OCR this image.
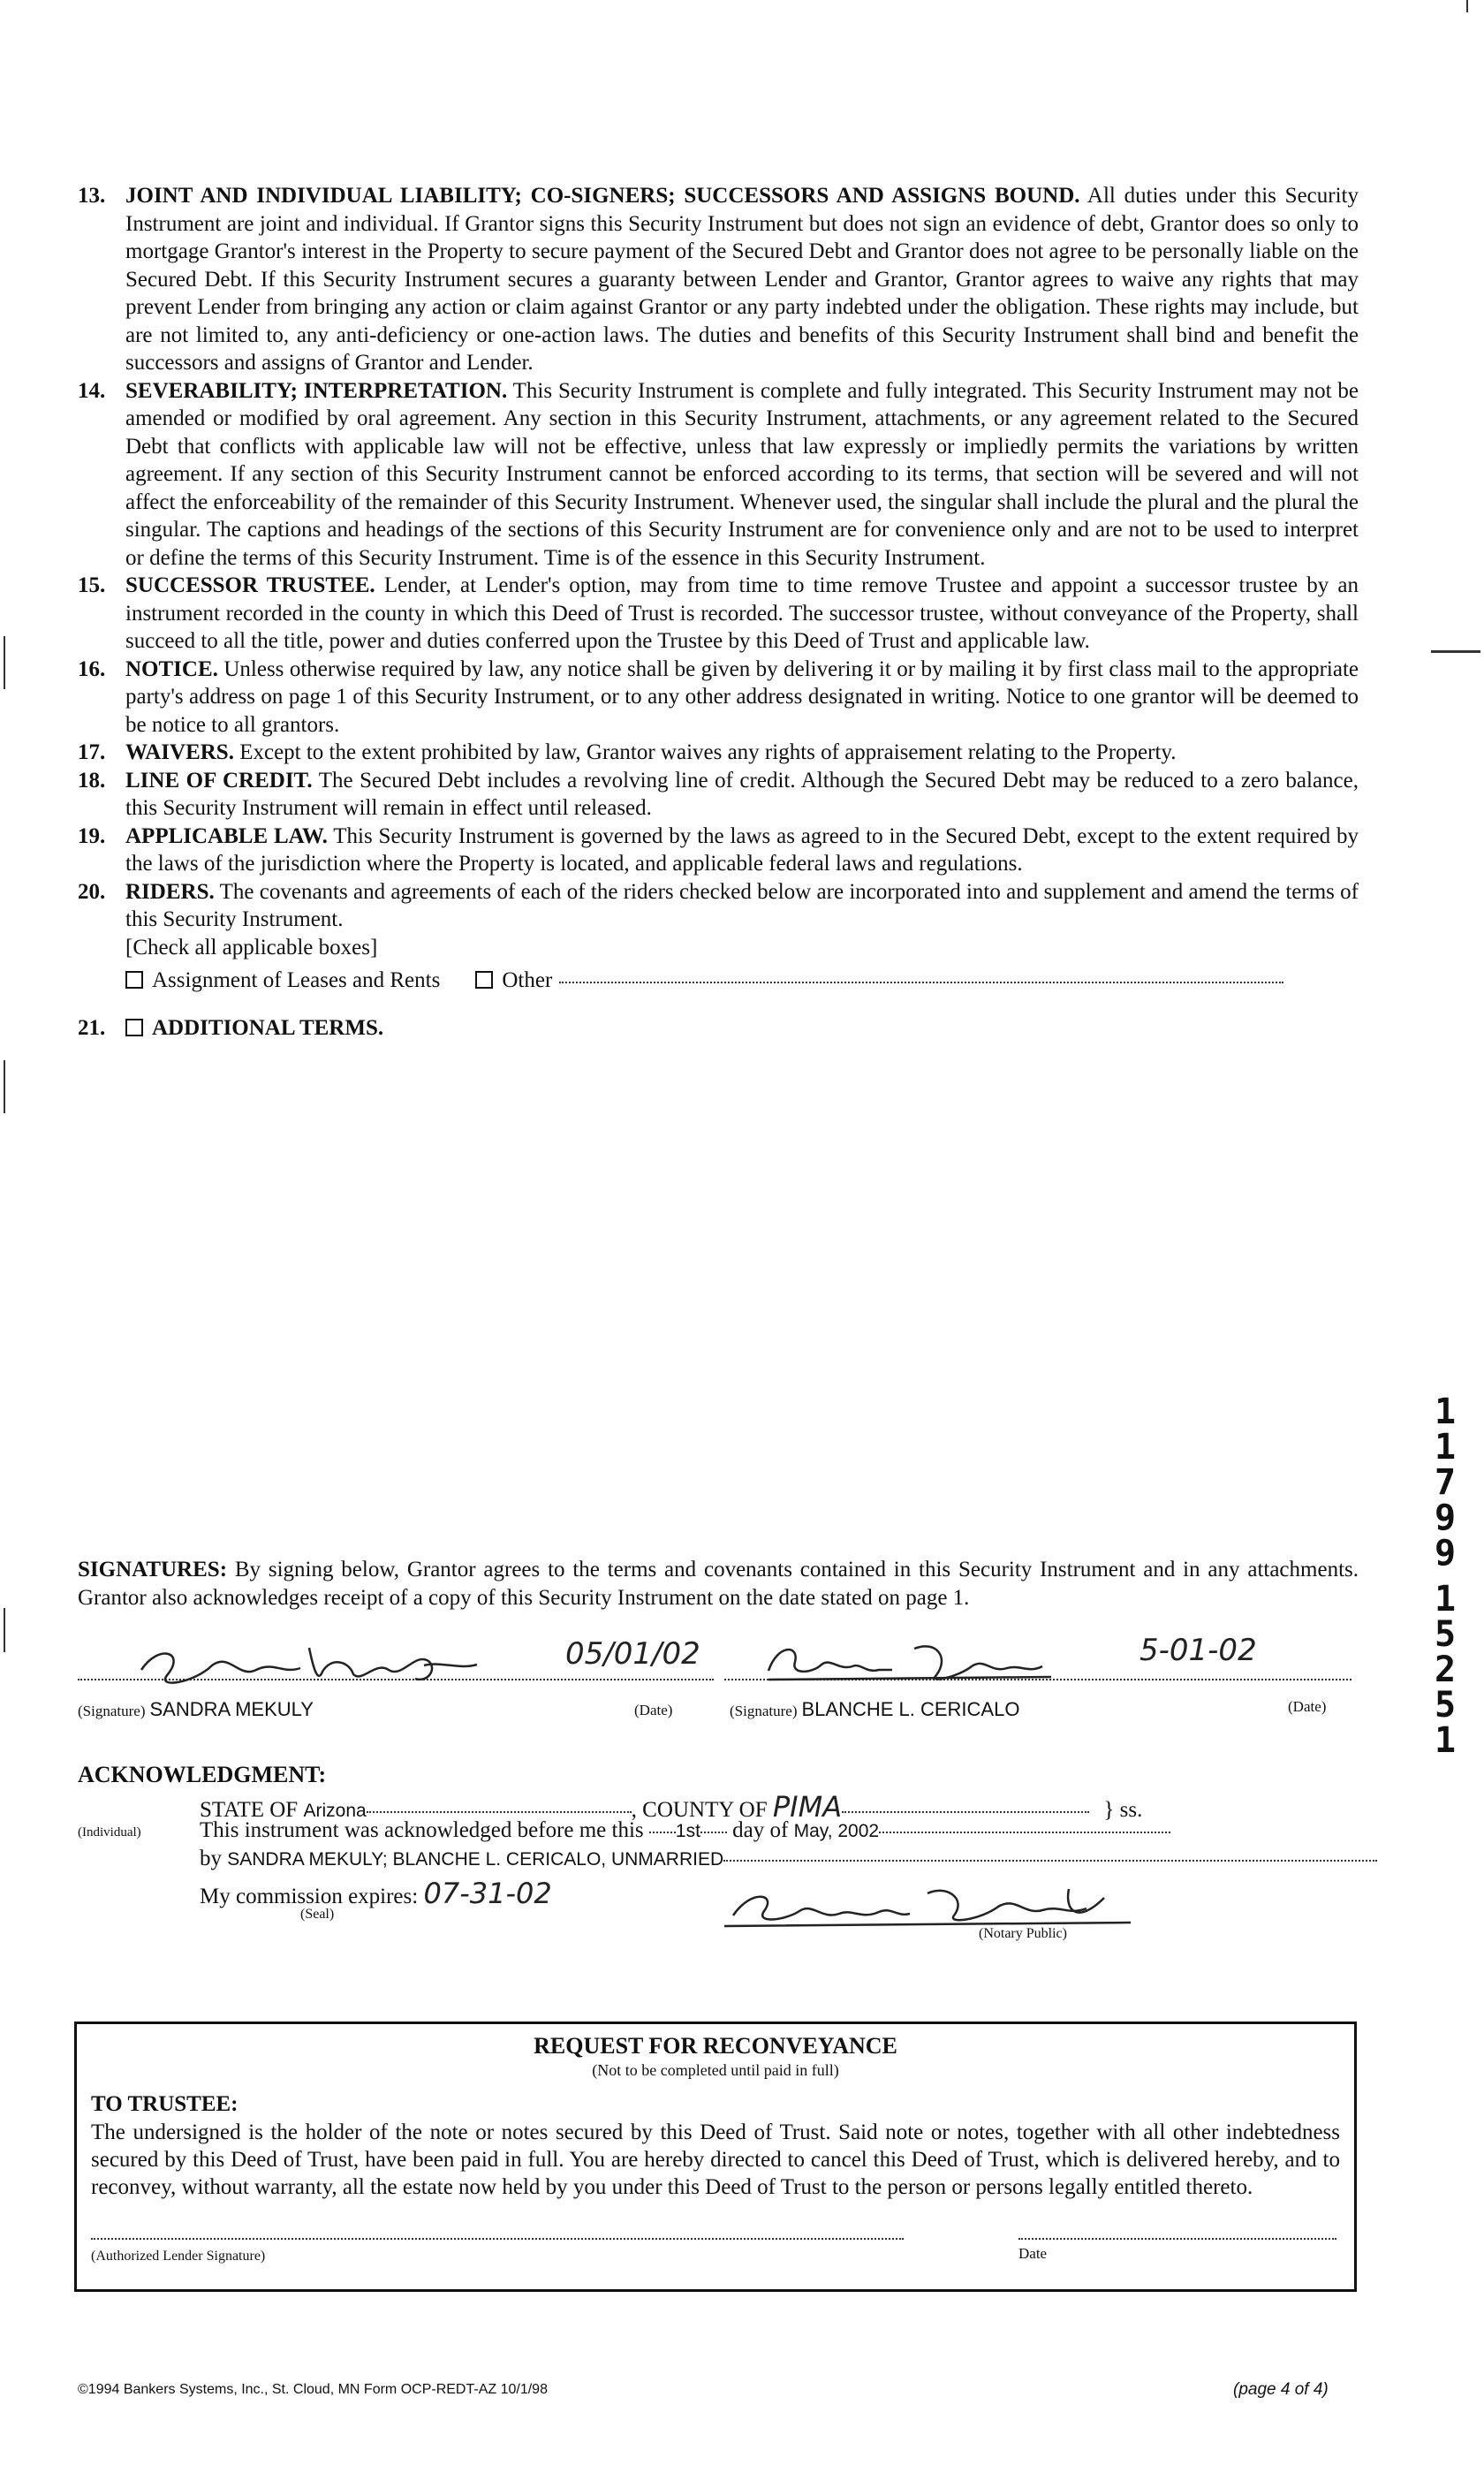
13. JOINT AND INDIVIDUAL LIABILITY; CO-SIGNERS; SUCCESSORS AND ASSIGNS BOUND. All duties under this Security Instrument are joint and individual. If Grantor signs this Security Instrument but does not sign an evidence of debt, Grantor does so only to mortgage Grantor's interest in the Property to secure payment of the Secured Debt and Grantor does not agree to be personally liable on the Secured Debt. If this Security Instrument secures a guaranty between Lender and Grantor, Grantor agrees to waive any rights that may prevent Lender from bringing any action or claim against Grantor or any party indebted under the obligation. These rights may include, but are not limited to, any anti-deficiency or one-action laws. The duties and benefits of this Security Instrument shall bind and benefit the successors and assigns of Grantor and Lender.

14. SEVERABILITY; INTERPRETATION. This Security Instrument is complete and fully integrated. This Security Instrument may not be amended or modified by oral agreement. Any section in this Security Instrument, attachments, or any agreement related to the Secured Debt that conflicts with applicable law will not be effective, unless that law expressly or impliedly permits the variations by written agreement. If any section of this Security Instrument cannot be enforced according to its terms, that section will be severed and will not affect the enforceability of the remainder of this Security Instrument. Whenever used, the singular shall include the plural and the plural the singular. The captions and headings of the sections of this Security Instrument are for convenience only and are not to be used to interpret or define the terms of this Security Instrument. Time is of the essence in this Security Instrument.

15. SUCCESSOR TRUSTEE. Lender, at Lender's option, may from time to time remove Trustee and appoint a successor trustee by an instrument recorded in the county in which this Deed of Trust is recorded. The successor trustee, without conveyance of the Property, shall succeed to all the title, power and duties conferred upon the Trustee by this Deed of Trust and applicable law.

16. NOTICE. Unless otherwise required by law, any notice shall be given by delivering it or by mailing it by first class mail to the appropriate party's address on page 1 of this Security Instrument, or to any other address designated in writing. Notice to one grantor will be deemed to be notice to all grantors.

17. WAIVERS. Except to the extent prohibited by law, Grantor waives any rights of appraisement relating to the Property.

18. LINE OF CREDIT. The Secured Debt includes a revolving line of credit. Although the Secured Debt may be reduced to a zero balance, this Security Instrument will remain in effect until released.

19. APPLICABLE LAW. This Security Instrument is governed by the laws as agreed to in the Secured Debt, except to the extent required by the laws of the jurisdiction where the Property is located, and applicable federal laws and regulations.

20. RIDERS. The covenants and agreements of each of the riders checked below are incorporated into and supplement and amend the terms of this Security Instrument.

[Check all applicable boxes]
Assignment of Leases and Rents	Other
21. ADDITIONAL TERMS.

SIGNATURES: By signing below, Grantor agrees to the terms and covenants contained in this Security Instrument and in any attachments. Grantor also acknowledges receipt of a copy of this Security Instrument on the date stated on page 1.

05/01/02	5-01-02
(Signature) SANDRA MEKULY	(Date)	(Signature) BLANCHE L. CERICALO	(Date)
ACKNOWLEDGMENT:
STATE OF Arizona	, COUNTY OF PIMA	} ss.
(Individual)	This instrument was acknowledged before me this 1st day of May, 2002
by SANDRA MEKULY; BLANCHE L. CERICALO, UNMARRIED
My commission expires: 07-31-02
(Seal)
(Notary Public)
REQUEST FOR RECONVEYANCE
(Not to be completed until paid in full)
TO TRUSTEE:
The undersigned is the holder of the note or notes secured by this Deed of Trust. Said note or notes, together with all other indebtedness secured by this Deed of Trust, have been paid in full. You are hereby directed to cancel this Deed of Trust, which is delivered hereby, and to reconvey, without warranty, all the estate now held by you under this Deed of Trust to the person or persons legally entitled thereto.
(Authorized Lender Signature)	Date
©1994 Bankers Systems, Inc., St. Cloud, MN Form OCP-REDT-AZ 10/1/98	(page 4 of 4)
1
1
7
9
9
1
5
2
5
1
